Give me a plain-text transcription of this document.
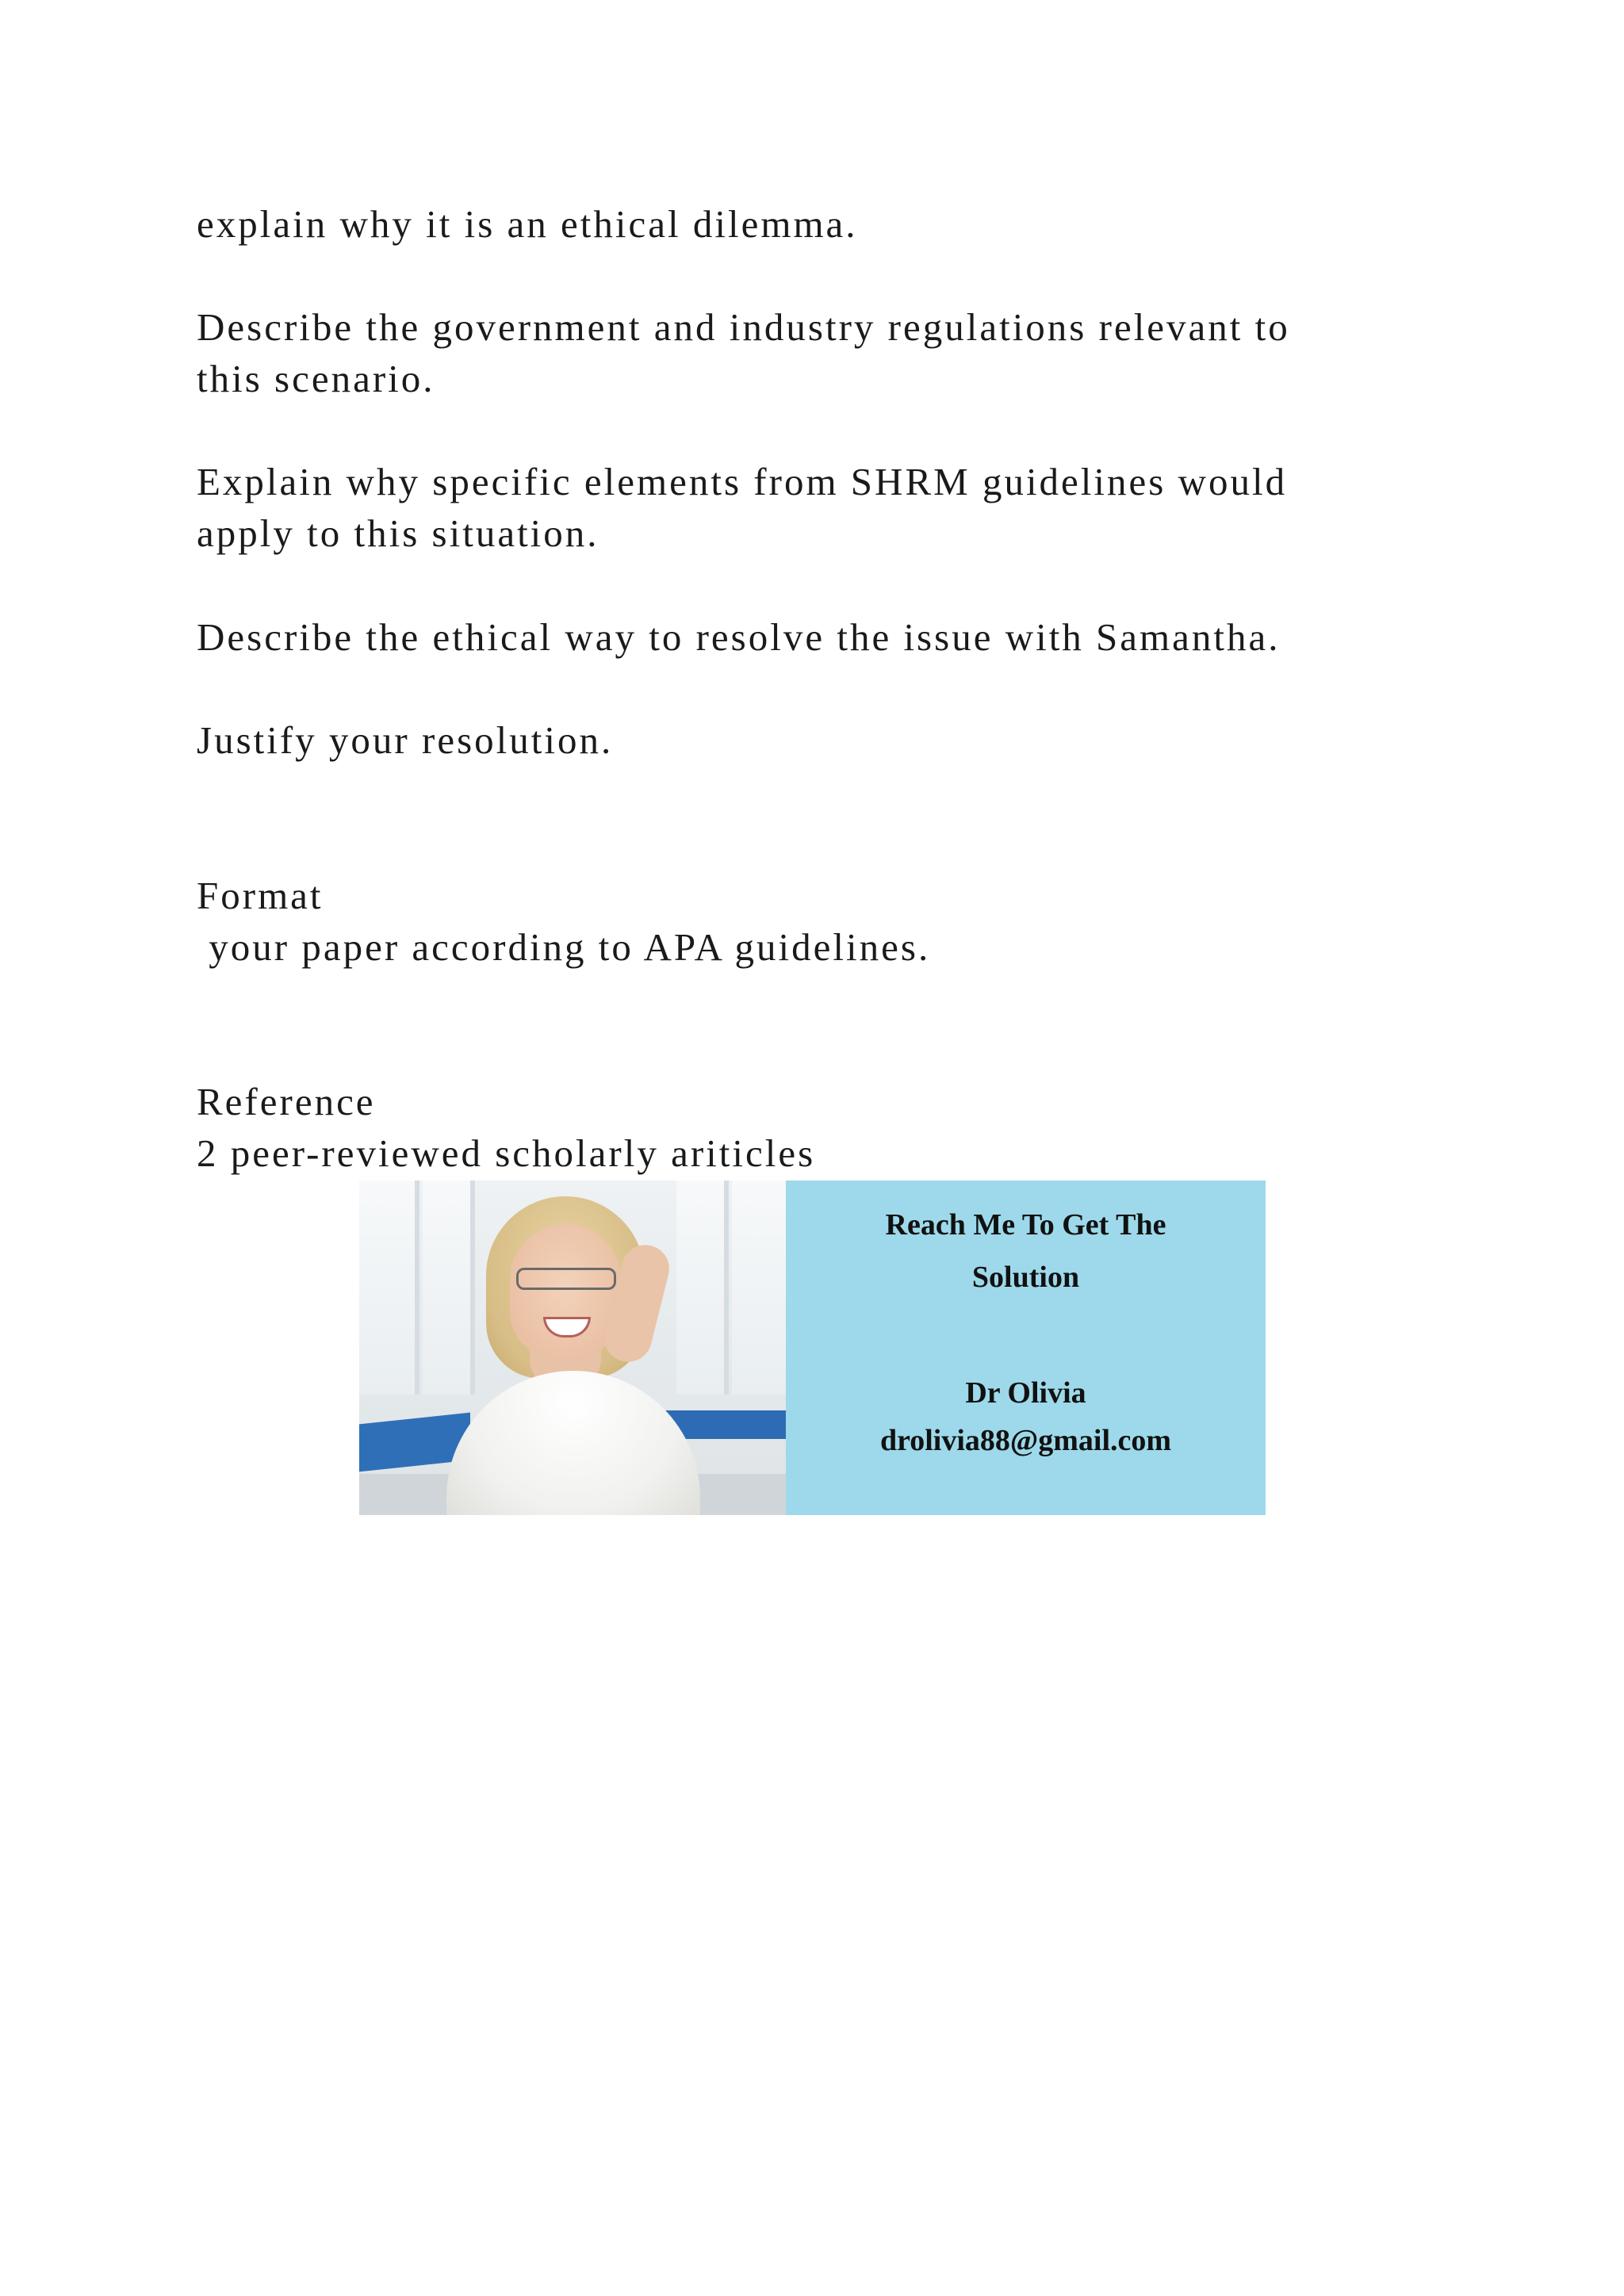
explain why it is an ethical dilemma.
Describe the government and industry regulations relevant to
this scenario.
Explain why specific elements from SHRM guidelines would
apply to this situation.
Describe the ethical way to resolve the issue with Samantha.
Justify your resolution.
Format
your paper according to APA guidelines.
Reference
2 peer-reviewed scholarly ariticles
Reach Me To Get The
Solution
Dr Olivia
drolivia88@gmail.com
